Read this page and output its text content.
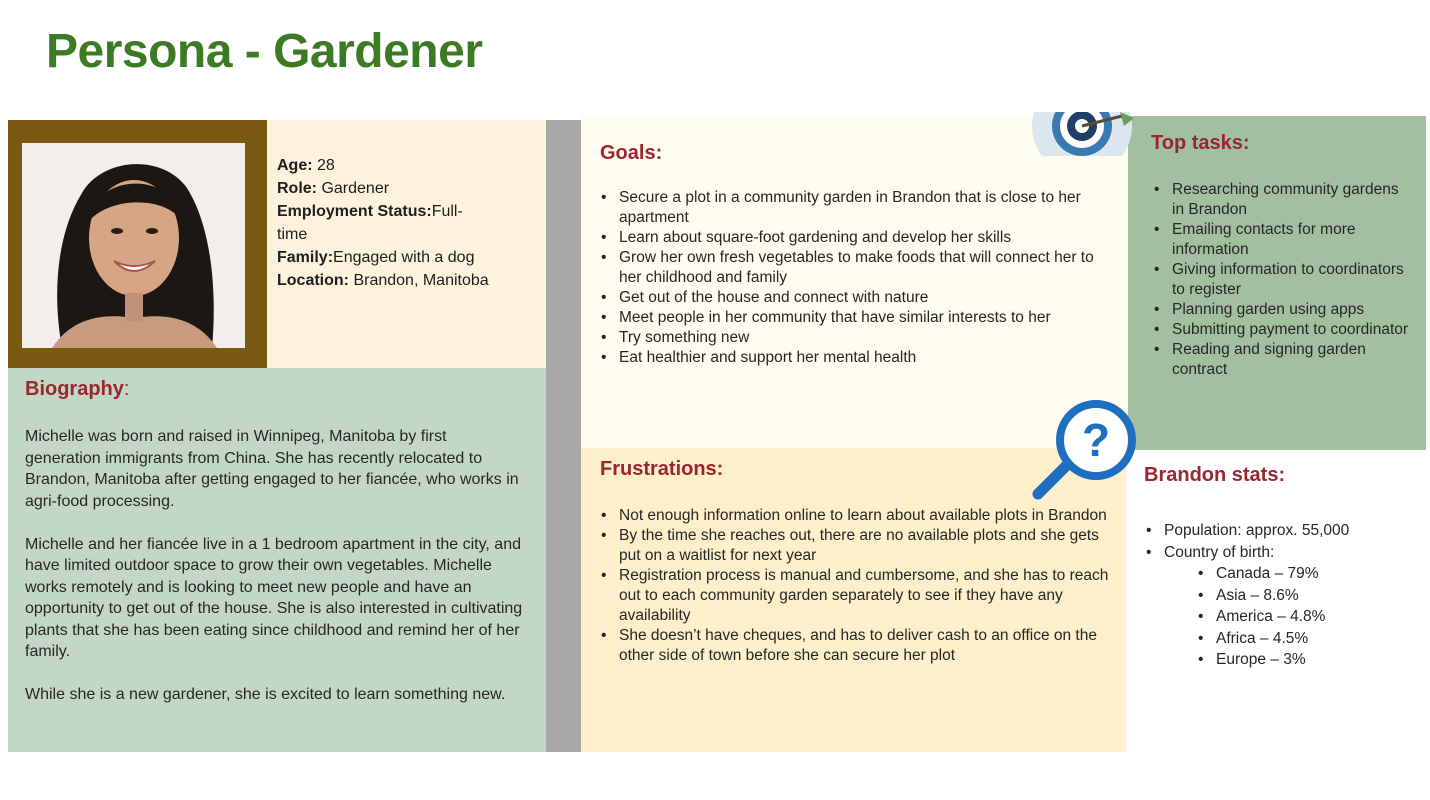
Persona - Gardener
Age: 28
Role: Gardener
Employment Status:Full-
time
Family:Engaged with a dog
Location: Brandon, Manitoba
Biography:

Michelle was born and raised in Winnipeg, Manitoba by first generation immigrants from China. She has recently relocated to Brandon, Manitoba after getting engaged to her fiancée, who works in agri-food processing.

Michelle and her fiancée live in a 1 bedroom apartment in the city, and have limited outdoor space to grow their own vegetables. Michelle works remotely and is looking to meet new people and have an opportunity to get out of the house. She is also interested in cultivating plants that she has been eating since childhood and remind her of her family.

While she is a new gardener, she is excited to learn something new.

Goals:
• Secure a plot in a community garden in Brandon that is close to her apartment
• Learn about square-foot gardening and develop her skills
• Grow her own fresh vegetables to make foods that will connect her to her childhood and family
• Get out of the house and connect with nature
• Meet people in her community that have similar interests to her
• Try something new
• Eat healthier and support her mental health
Frustrations:
• Not enough information online to learn about available plots in Brandon
• By the time she reaches out, there are no available plots and she gets put on a waitlist for next year
• Registration process is manual and cumbersome, and she has to reach out to each community garden separately to see if they have any availability
• She doesn’t have cheques, and has to deliver cash to an office on the other side of town before she can secure her plot
Top tasks:
• Researching community gardens in Brandon
• Emailing contacts for more information
• Giving information to coordinators to register
• Planning garden using apps
• Submitting payment to coordinator
• Reading and signing garden contract
Brandon stats:
• Population: approx. 55,000
• Country of birth:
• Canada – 79%
• Asia – 8.6%
• America – 4.8%
• Africa – 4.5%
• Europe – 3%
?
